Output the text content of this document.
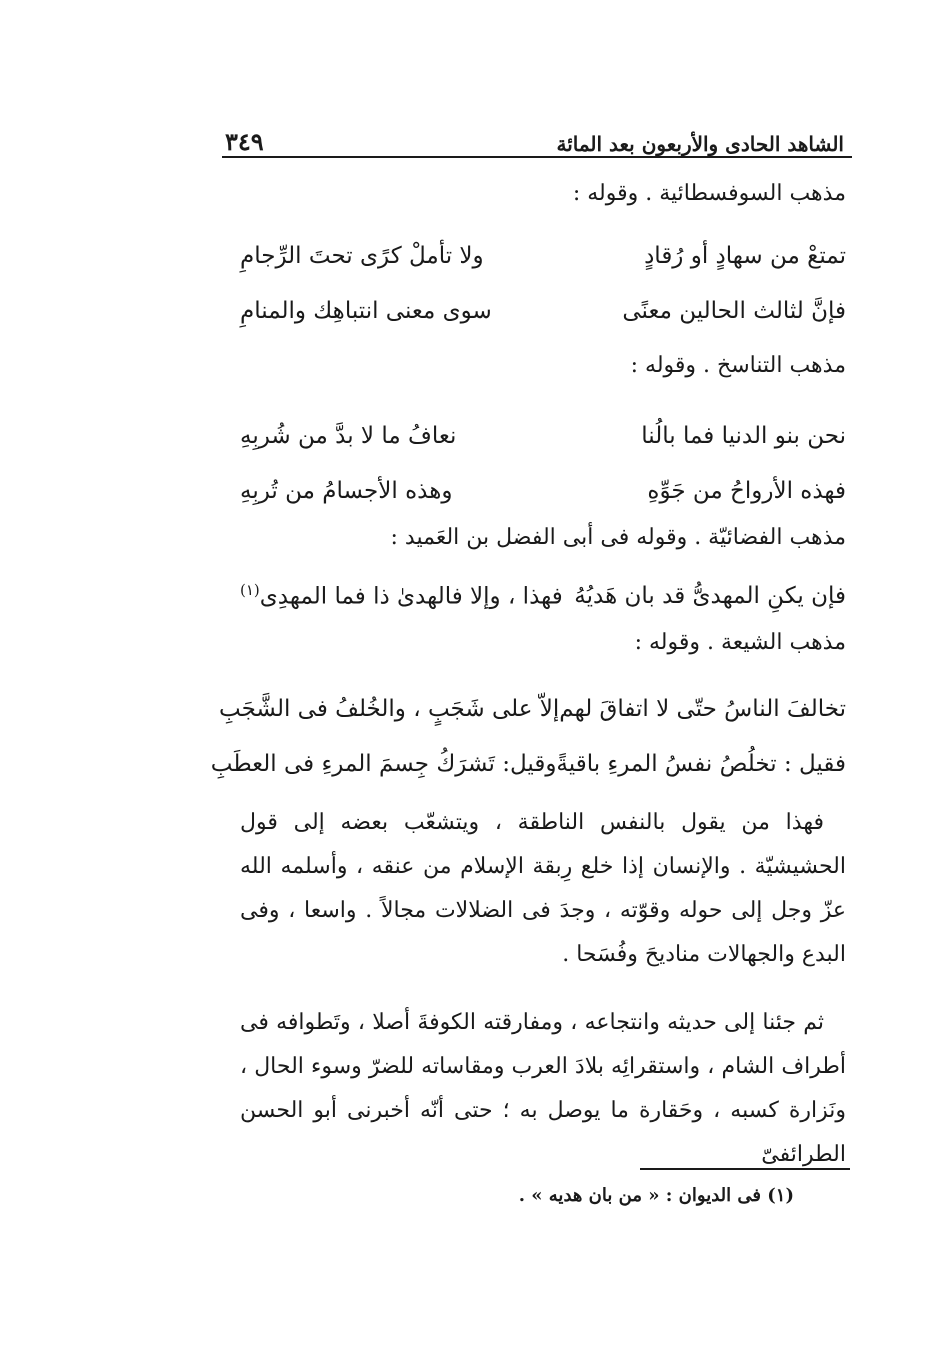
الشاهد الحادى والأربعون بعد المائة
٣٤٩
مذهب السوفسطائية . وقوله :
تمتعْ من سهادٍ أو رُقادٍ
ولا تأملْ كرًى تحتَ الرِّجامِ
فإنَّ لثالث الحالين معنًى
سوى معنى انتباهِك والمنامِ
مذهب التناسخ . وقوله :
نحن بنو الدنيا فما بالُنا
نعافُ ما لا بدَّ من شُربِهِ
فهذه الأرواحُ من جَوِّهِ
وهذه الأجسامُ من تُربِهِ
مذهب الفضائيّة . وقوله فى أبى الفضل بن العَميد :
فإن يكنِ المهدىُّ قد بان هَديُهُ
فهذا ، وإلا فالهدىٰ ذا فما المهدِى$^{(١)}$
مذهب الشيعة . وقوله :
تخالفَ الناسُ حتّى لا اتفاقَ لهم
إلاّ على شَجَبٍ ، والخُلفُ فى الشَّجَبِ
فقيل : تخلُصُ نفسُ المرءِ باقيةً
وقيل: تَشرَكُ جِسمَ المرءِ فى العطَبِ

فهذا من يقول بالنفس الناطقة ، ويتشعّب بعضه إلى قول الحشيشيّة . والإنسان إذا خلع رِبقة الإسلام من عنقه ، وأسلمه الله عزّ وجل إلى حوله وقوّته ، وجدَ فى الضلالات مجالاً . واسعا ، وفى البدع والجهالات مناديحَ وفُسَحا .

ثم جئنا إلى حديثه وانتجاعه ، ومفارقته الكوفةَ أصلا ، وتَطوافه فى أطراف الشام ، واستقرائِه بلادَ العرب ومقاساته للضرّ وسوء الحال ، ونَزارة كسبه ، وحَقارة ما يوصل به ؛ حتى أنّه أخبرنى أبو الحسن الطرائفىّ

(١) فى الديوان : « من بان هديه » .
